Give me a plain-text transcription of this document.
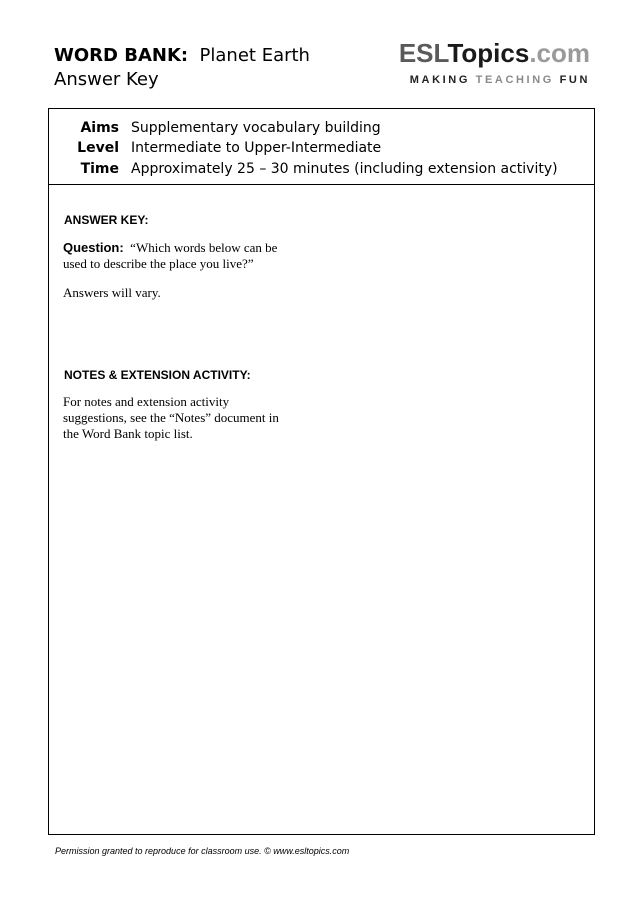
WORD BANK: Planet Earth
Answer Key
ESLTopics.com
MAKING TEACHING FUN
Aims Supplementary vocabulary building
Level Intermediate to Upper-Intermediate
Time Approximately 25 – 30 minutes (including extension activity)
ANSWER KEY:
Question: “Which words below can be used to describe the place you live?”
Answers will vary.
NOTES & EXTENSION ACTIVITY:
For notes and extension activity suggestions, see the “Notes” document in the Word Bank topic list.
Permission granted to reproduce for classroom use. © www.esltopics.com
